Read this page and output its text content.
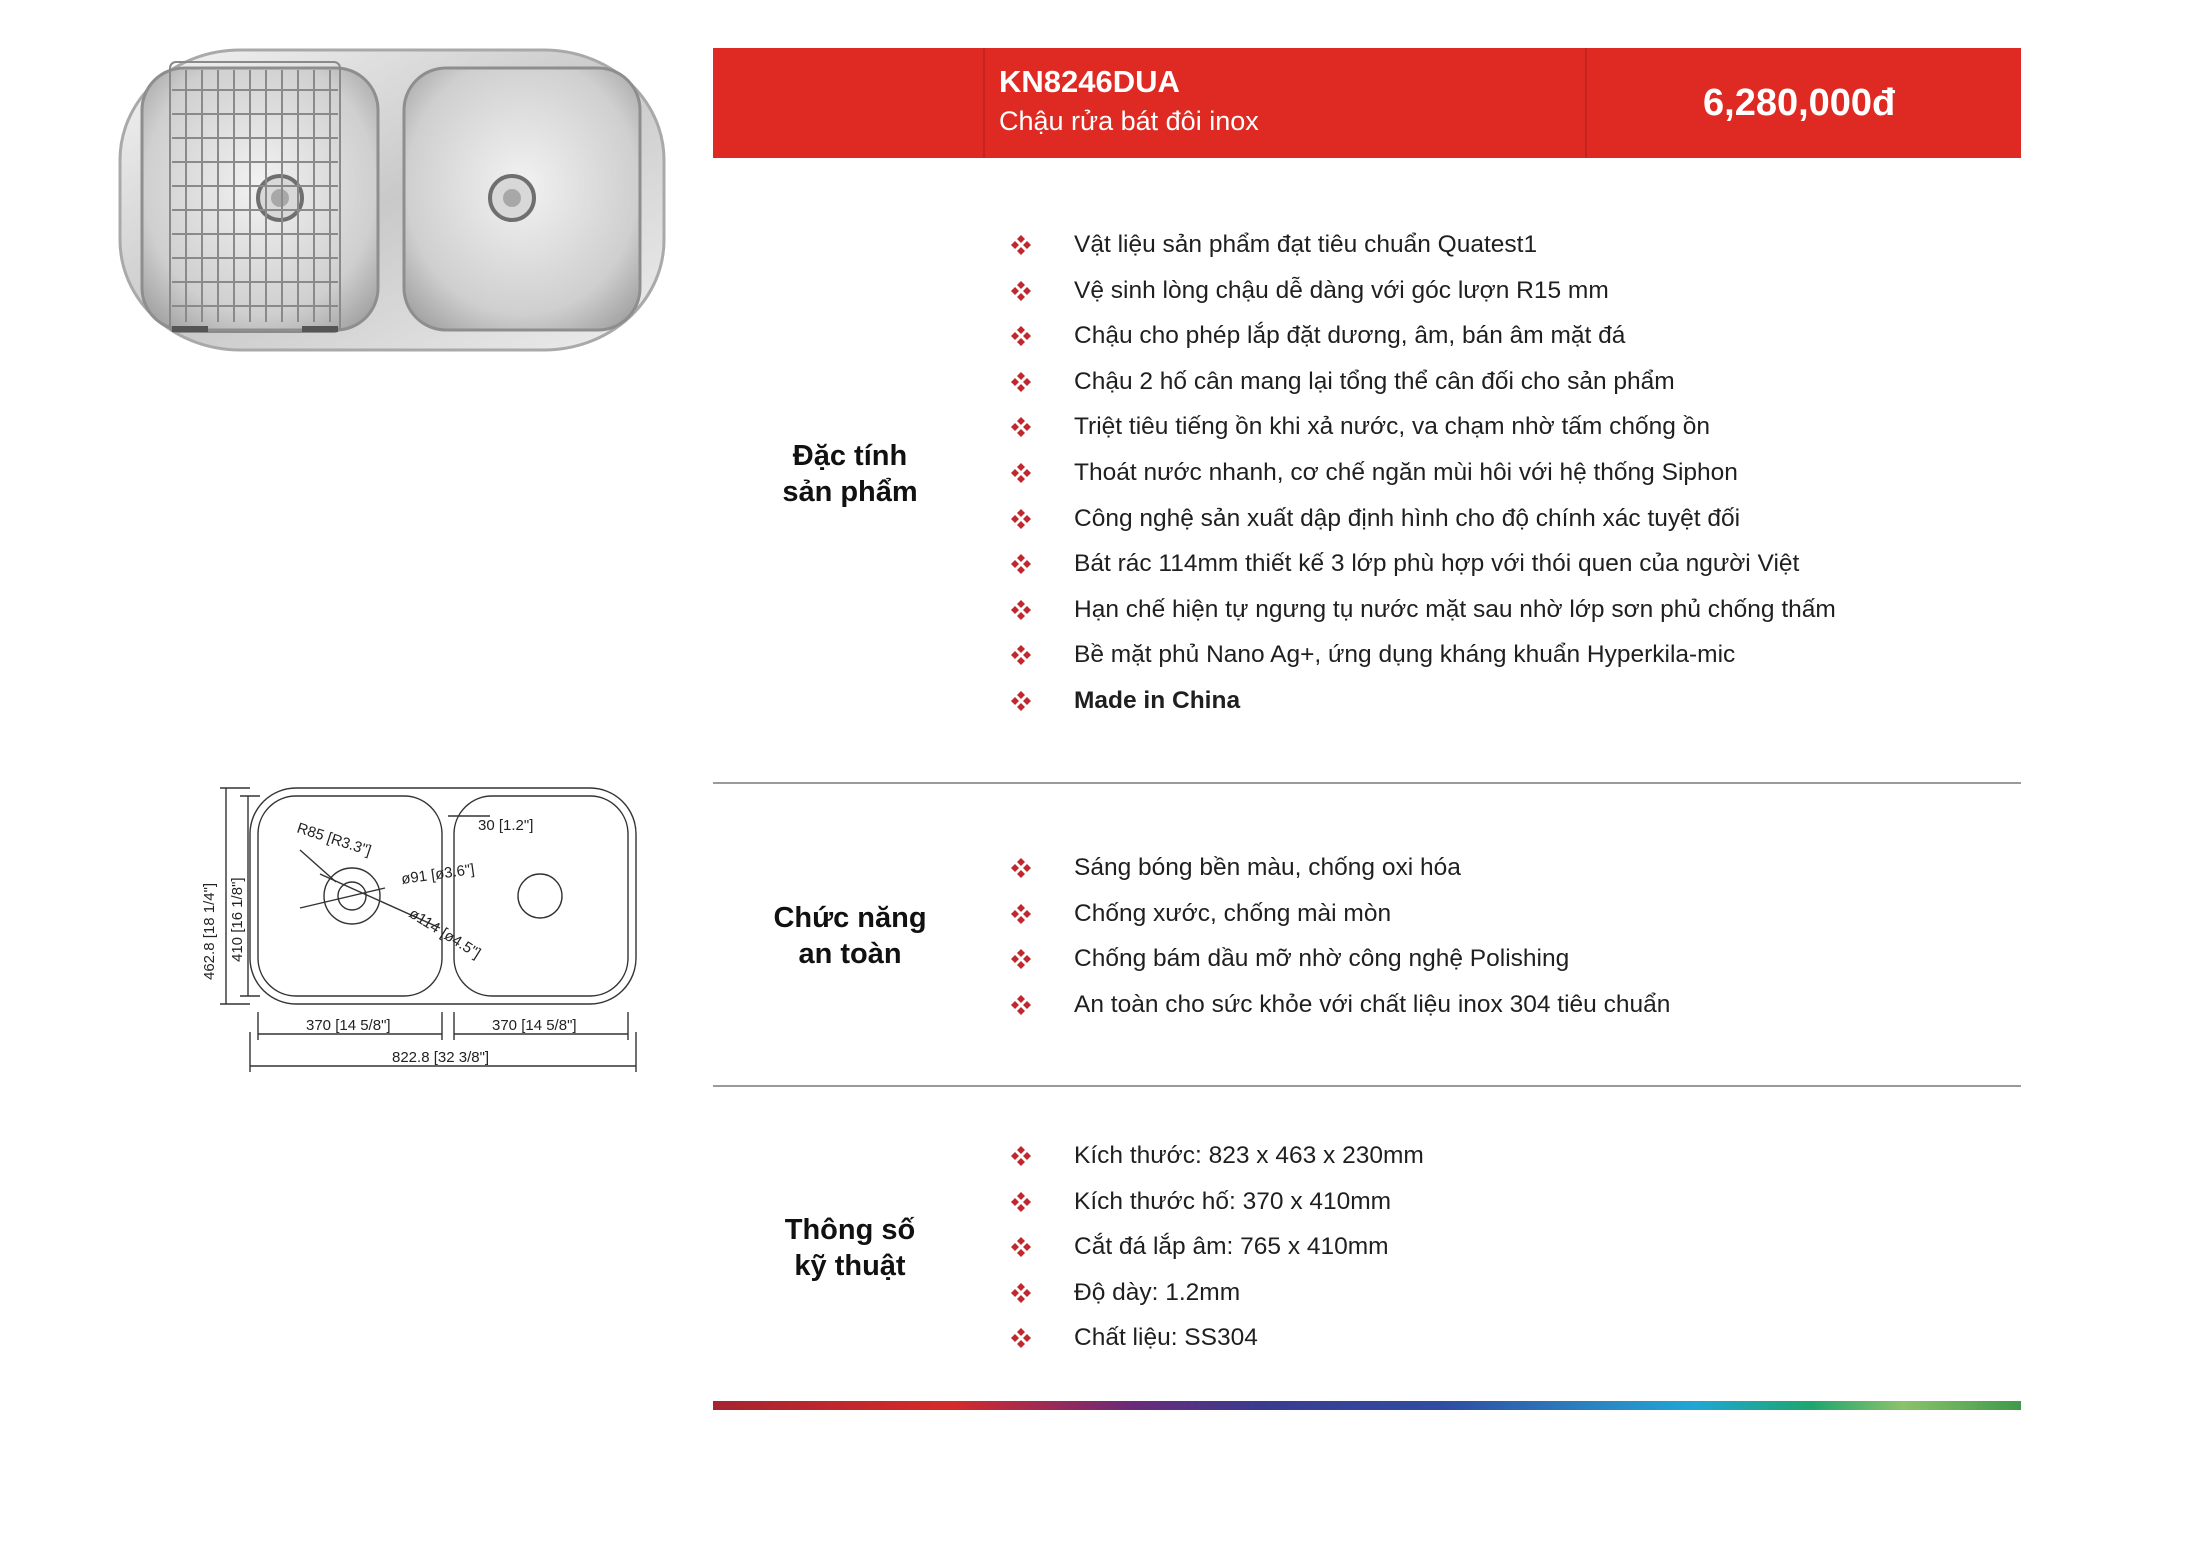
KN8246DUA
Chậu rửa bát đôi inox	6,280,000đ
R85 [R3.3"]	30 [1.2"]
ø91 [ø3.6"]
ø114 [ø4.5"]
462.8 [18 1/4"] 410 [16 1/8"]
370 [14 5/8"]	370 [14 5/8"]
822.8 [32 3/8"]
Đặc tính
sản phẩm
Vật liệu sản phẩm đạt tiêu chuẩn Quatest1
Vệ sinh lòng chậu dễ dàng với góc lượn R15 mm
Chậu cho phép lắp đặt dương, âm, bán âm mặt đá
Chậu 2 hố cân mang lại tổng thể cân đối cho sản phẩm
Triệt tiêu tiếng ồn khi xả nước, va chạm nhờ tấm chống ồn
Thoát nước nhanh, cơ chế ngăn mùi hôi với hệ thống Siphon
Công nghệ sản xuất dập định hình cho độ chính xác tuyệt đối
Bát rác 114mm thiết kế 3 lớp phù hợp với thói quen của người Việt
Hạn chế hiện tự ngưng tụ nước mặt sau nhờ lớp sơn phủ chống thấm
Bề mặt phủ Nano Ag+, ứng dụng kháng khuẩn Hyperkila-mic
Made in China
Chức năng
an toàn
Sáng bóng bền màu, chống oxi hóa
Chống xước, chống mài mòn
Chống bám dầu mỡ nhờ công nghệ Polishing
An toàn cho sức khỏe với chất liệu inox 304 tiêu chuẩn
Thông số
kỹ thuật
Kích thước: 823 x 463 x 230mm
Kích thước hố: 370 x 410mm
Cắt đá lắp âm: 765 x 410mm
Độ dày: 1.2mm
Chất liệu: SS304
